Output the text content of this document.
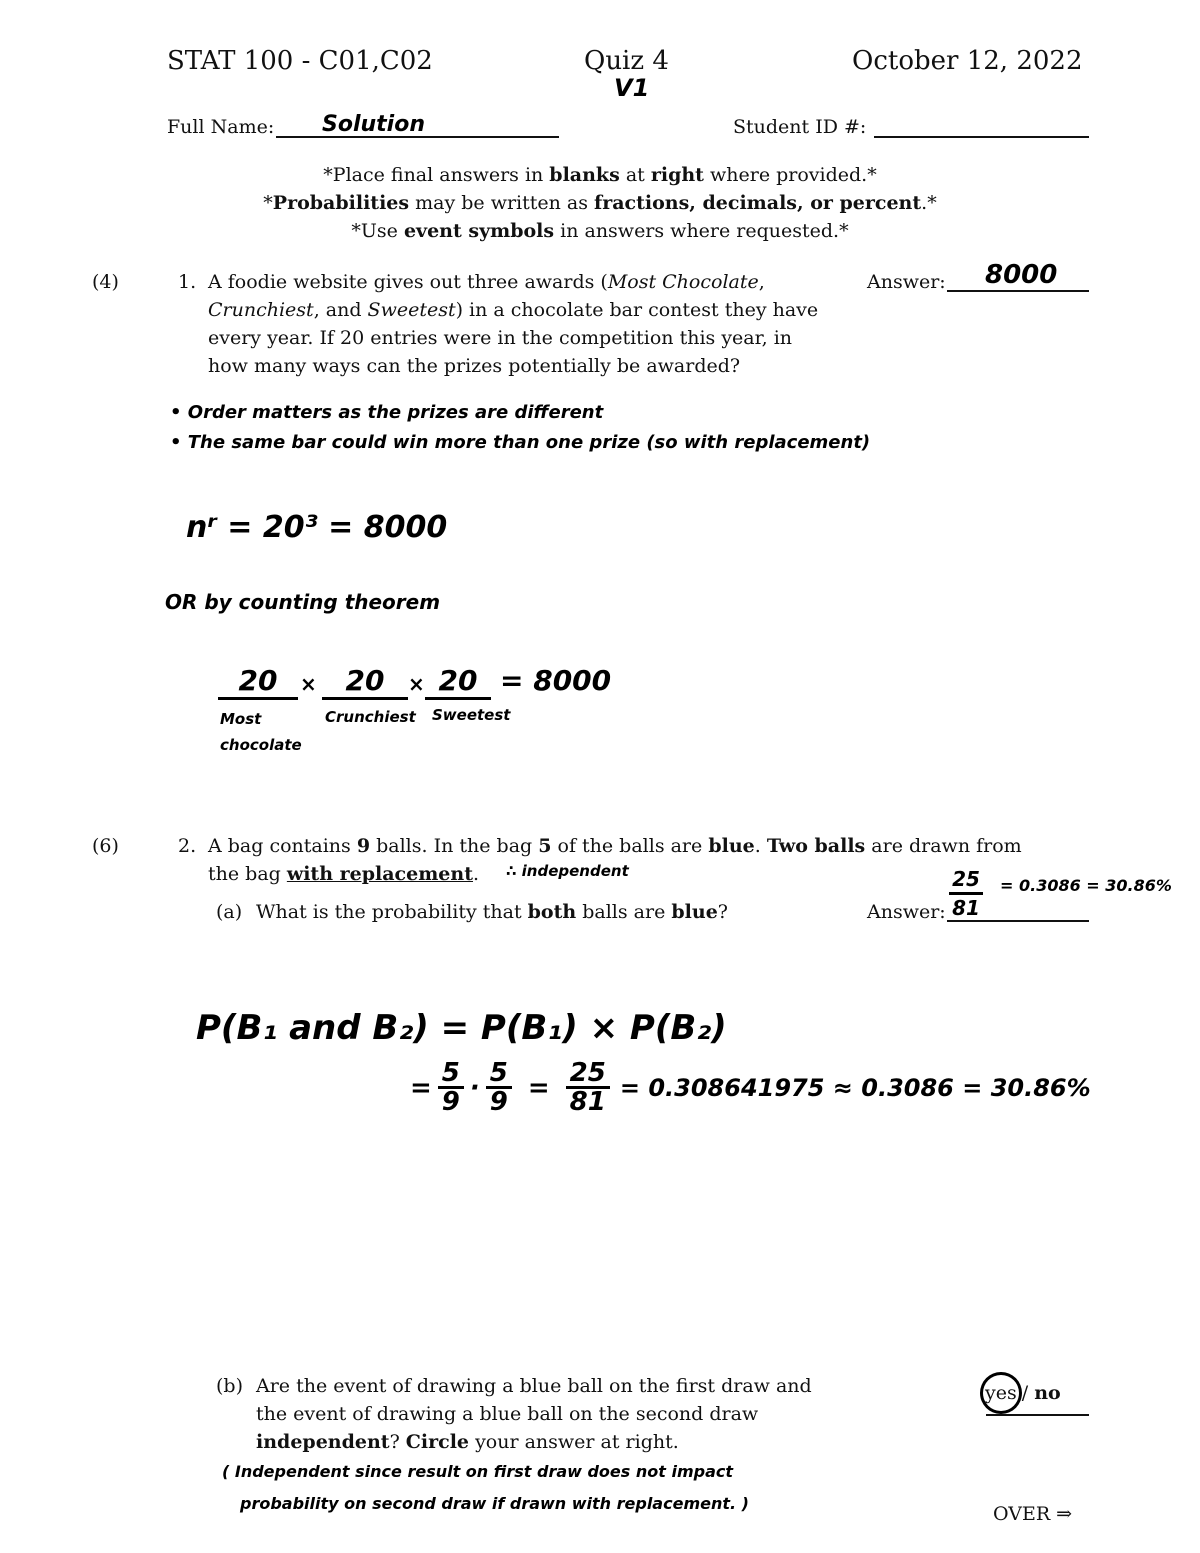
STAT 100 - C01,C02	Quiz 4
V1
October 12, 2022
Full Name: Solution	Student ID #:
*Place final answers in blanks at right where provided.*
*Probabilities may be written as fractions, decimals, or percent.*
*Use event symbols in answers where requested.*
(4)	1. A foodie website gives out three awards (Most Chocolate,
Crunchiest, and Sweetest) in a chocolate bar contest they have
every year. If 20 entries were in the competition this year, in
how many ways can the prizes potentially be awarded?
Answer: 8000
• Order matters as the prizes are different
• The same bar could win more than one prize (so with replacement)
nʳ = 20³ = 8000
OR by counting theorem
20	×	20	× 20 = 8000
Most
chocolate
Crunchiest Sweetest
(6)	2. A bag contains 9 balls. In the bag 5 of the balls are blue. Two balls are drawn from
the bag with replacement.	∴ independent
(a) What is the probability that both balls are blue?	Answer: $\frac{25}{81} = 0.3086 = 30.86\%$
P(B₁ and B₂) = P(B₁) × P(B₂)
= $\frac{5}{9} \cdot \frac{5}{9} = \frac{25}{81} = 0.308641975 \approx 0.3086 = 30.86\%$
(b) Are the event of drawing a blue ball on the first draw and
the event of drawing a blue ball on the second draw
independent? Circle your answer at right.
yes / no
( Independent since result on first draw does not impact
probability on second draw if drawn with replacement. )	OVER ⇒
